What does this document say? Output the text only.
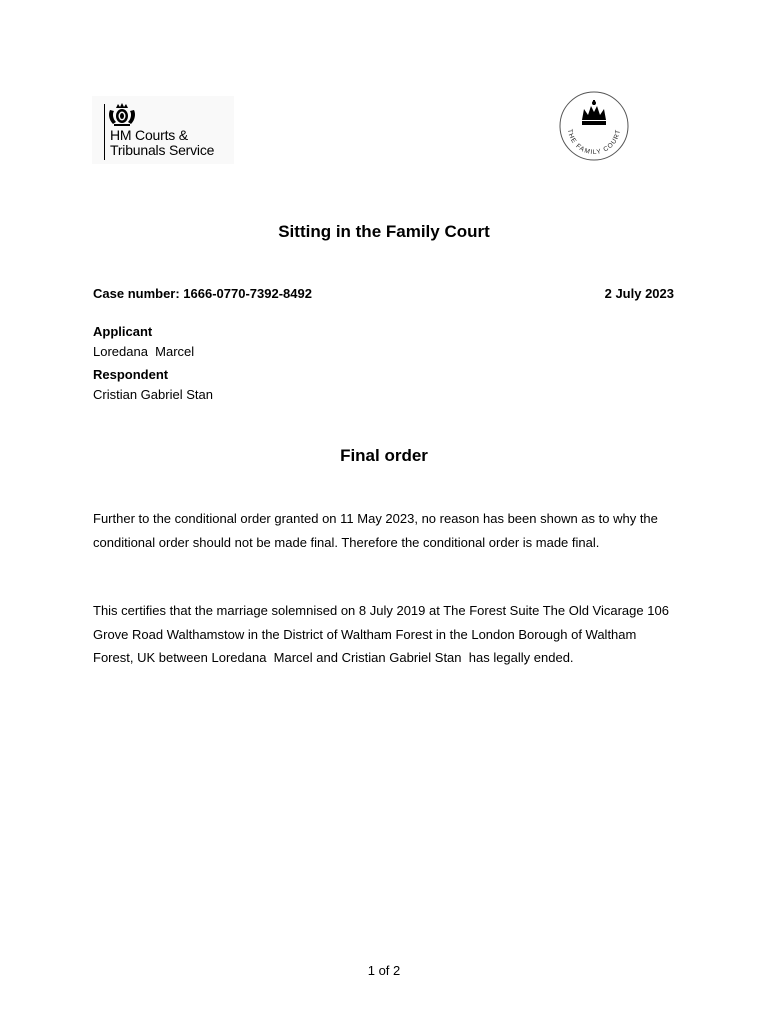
HM Courts &
Tribunals Service
THE FAMILY COURT
Sitting in the Family Court
Case number: 1666-0770-7392-8492	2 July 2023
Applicant
Loredana  Marcel
Respondent
Cristian Gabriel Stan
Final order
Further to the conditional order granted on 11 May 2023, no reason has been shown as to why the conditional order should not be made final. Therefore the conditional order is made final.
This certifies that the marriage solemnised on 8 July 2019 at The Forest Suite The Old Vicarage 106 Grove Road Walthamstow in the District of Waltham Forest in the London Borough of Waltham Forest, UK between Loredana  Marcel and Cristian Gabriel Stan  has legally ended.
1 of 2
